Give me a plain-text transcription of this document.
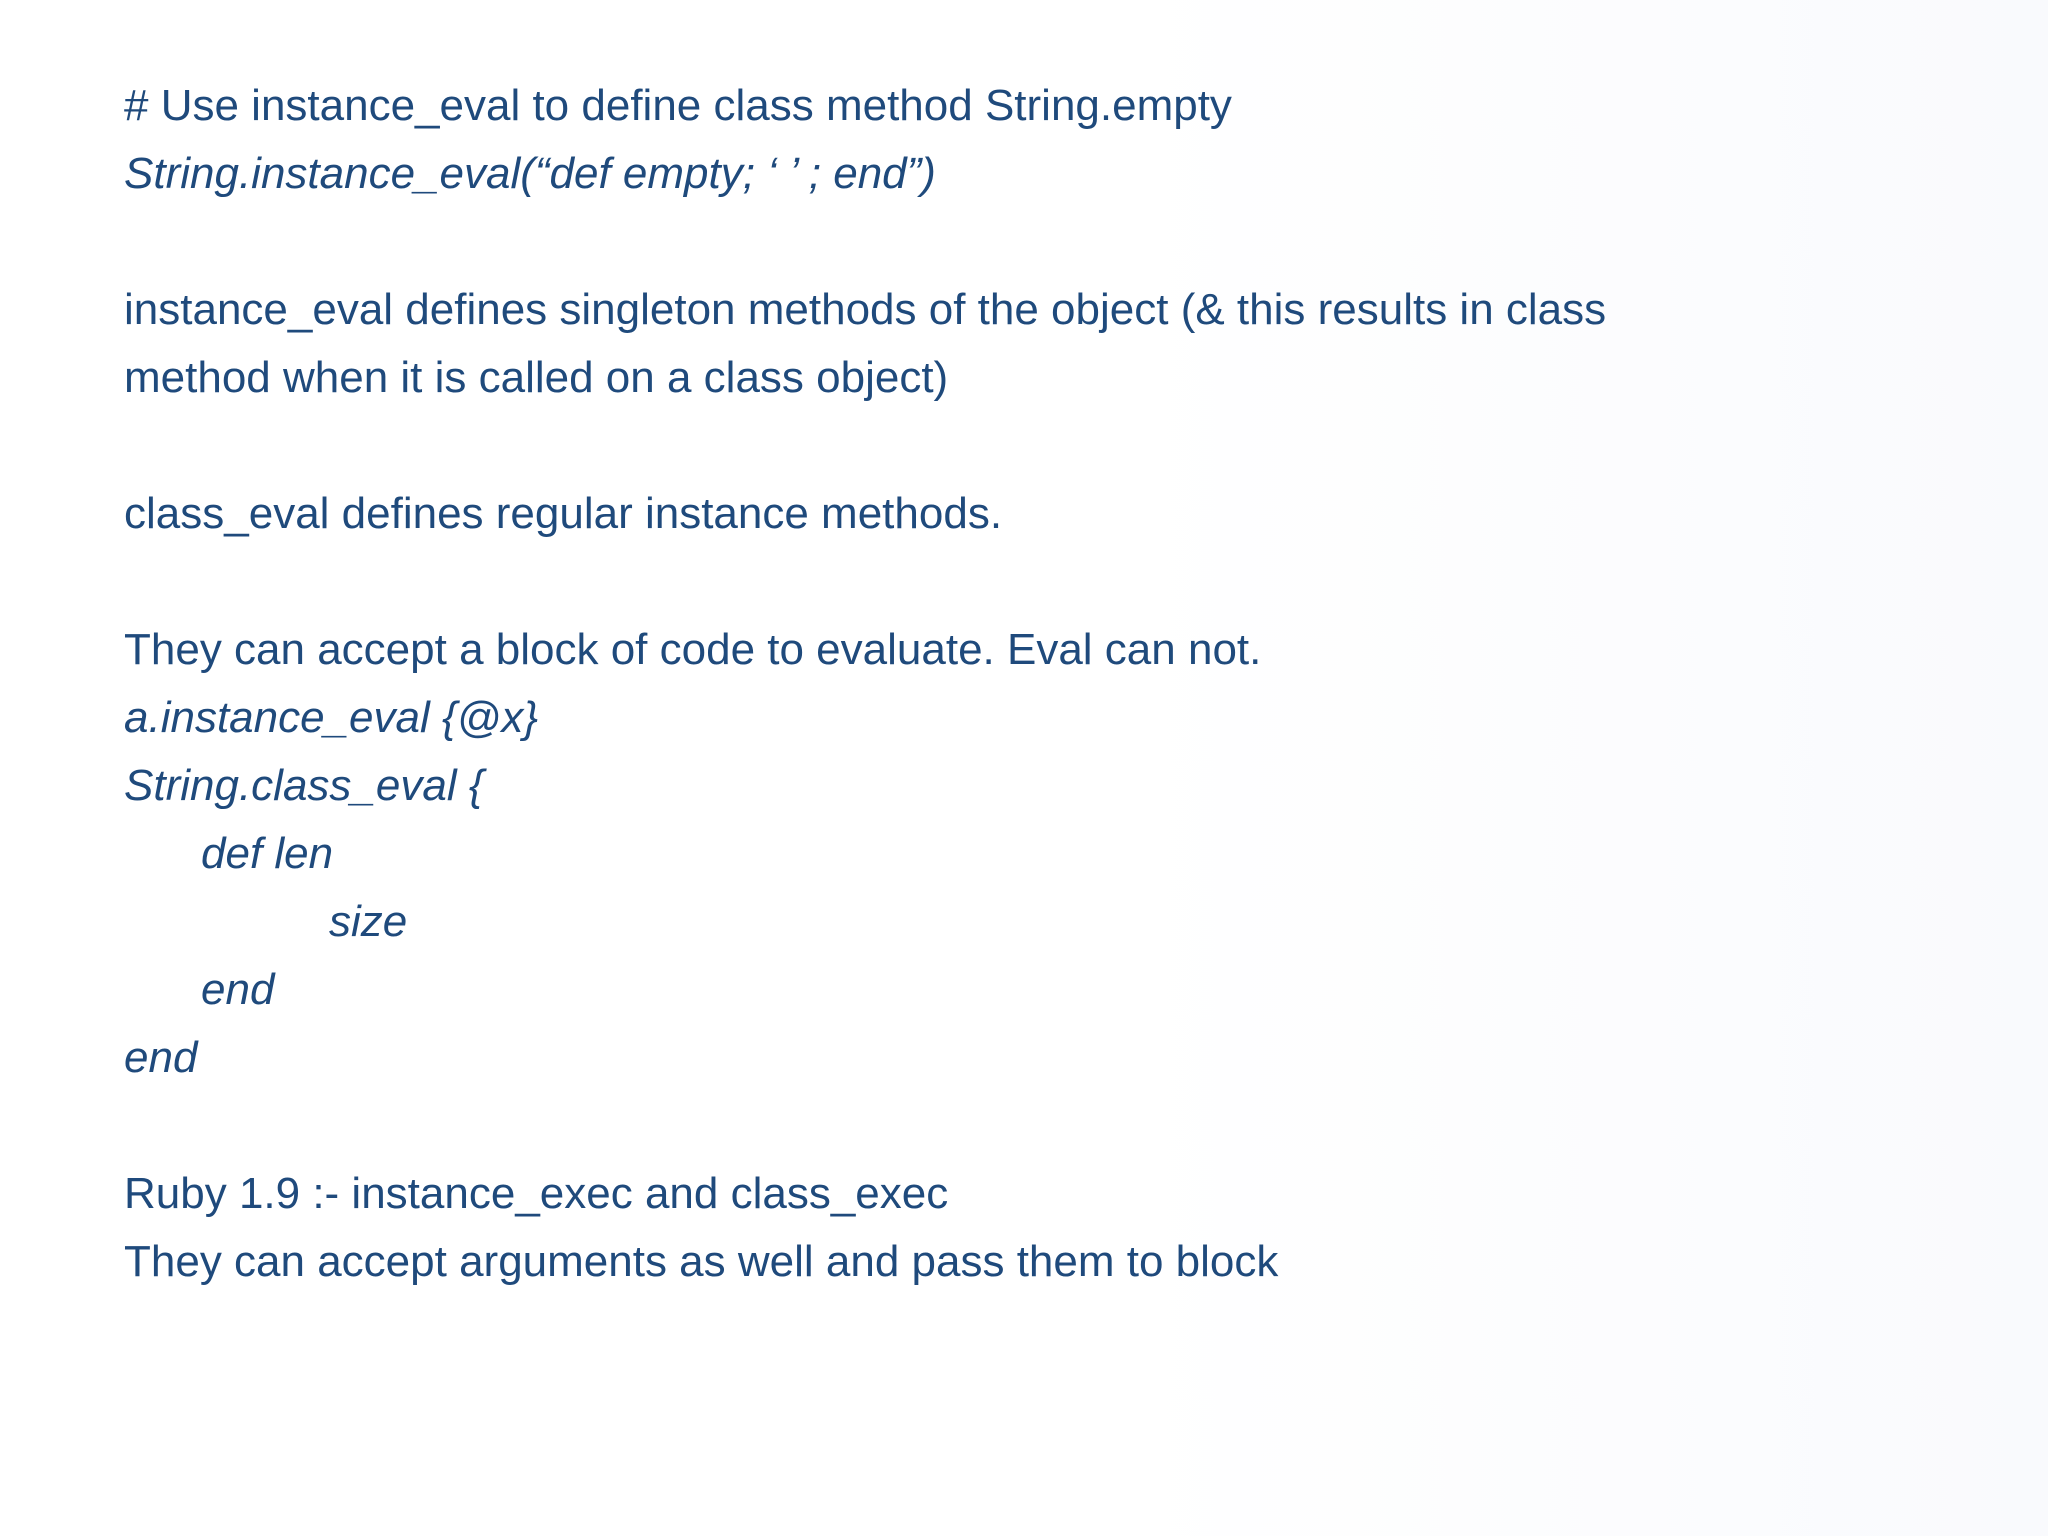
# Use instance_eval to define class method String.empty
String.instance_eval(“def empty; ‘ ’ ; end”)
instance_eval defines singleton methods of the object (& this results in class
method when it is called on a class object)
class_eval defines regular instance methods.
They can accept a block of code to evaluate. Eval can not.
a.instance_eval {@x}
String.class_eval {
def len
size
end
end
Ruby 1.9 :- instance_exec and class_exec
They can accept arguments as well and pass them to block
